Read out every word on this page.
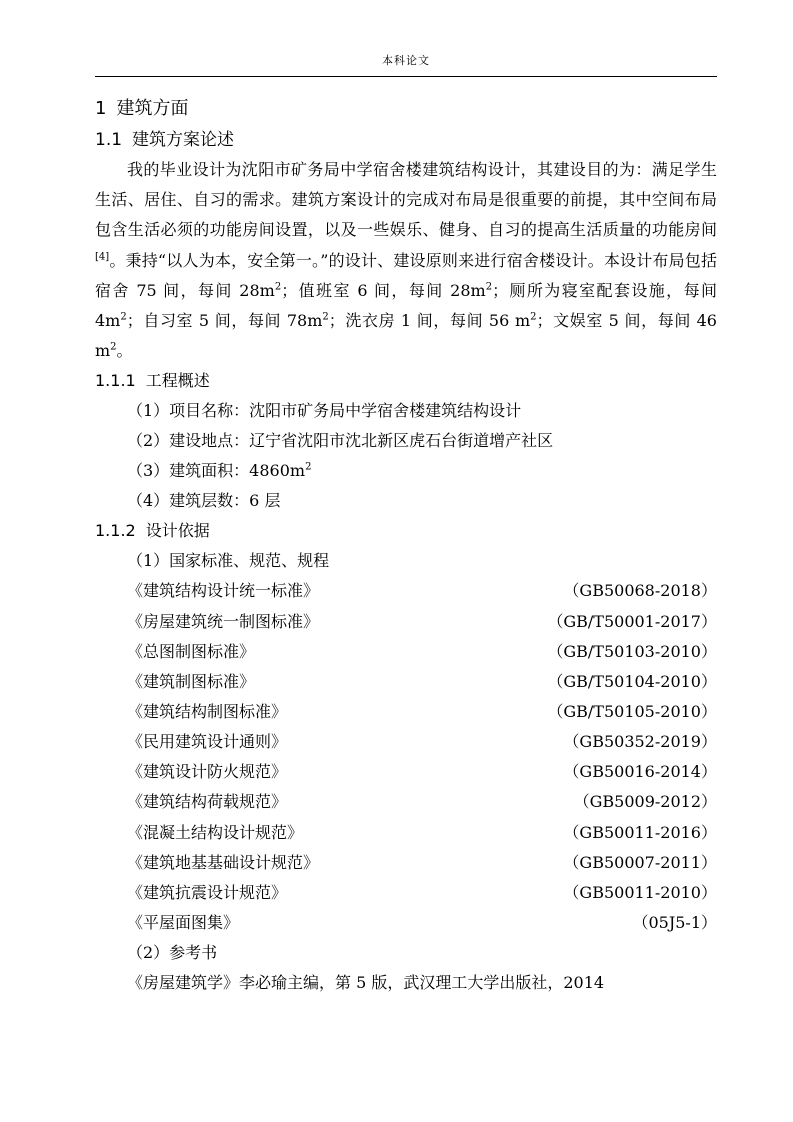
本科论文
1 建筑方面
1.1 建筑方案论述
我的毕业设计为沈阳市矿务局中学宿舍楼建筑结构设计，其建设目的为：满足学生生活、居住、自习的需求。建筑方案设计的完成对布局是很重要的前提，其中空间布局包含生活必须的功能房间设置，以及一些娱乐、健身、自习的提高生活质量的功能房间[4]。秉持“以人为本，安全第一。”的设计、建设原则来进行宿舍楼设计。本设计布局包括宿舍 75 间，每间 $28m^2$；值班室 6 间，每间 $28m^2$；厕所为寝室配套设施，每间 $4m^2$；自习室 5 间，每间 $78m^2$；洗衣房 1 间，每间 56 $m^2$；文娱室 5 间，每间 46 $m^2$。
1.1.1 工程概述
（1）项目名称：沈阳市矿务局中学宿舍楼建筑结构设计
（2）建设地点：辽宁省沈阳市沈北新区虎石台街道增产社区
（3）建筑面积：$4860m^2$
（4）建筑层数：6 层
1.1.2 设计依据
（1）国家标准、规范、规程
《建筑结构设计统一标准》	（GB50068-2018）
《房屋建筑统一制图标准》	（GB/T50001-2017）
《总图制图标准》	（GB/T50103-2010）
《建筑制图标准》	（GB/T50104-2010）
《建筑结构制图标准》	（GB/T50105-2010）
《民用建筑设计通则》	（GB50352-2019）
《建筑设计防火规范》	（GB50016-2014）
《建筑结构荷载规范》	（GB5009-2012）
《混凝土结构设计规范》	（GB50011-2016）
《建筑地基基础设计规范》	（GB50007-2011）
《建筑抗震设计规范》	（GB50011-2010）
《平屋面图集》	（05J5-1）
（2）参考书
《房屋建筑学》李必瑜主编，第 5 版，武汉理工大学出版社，2014
